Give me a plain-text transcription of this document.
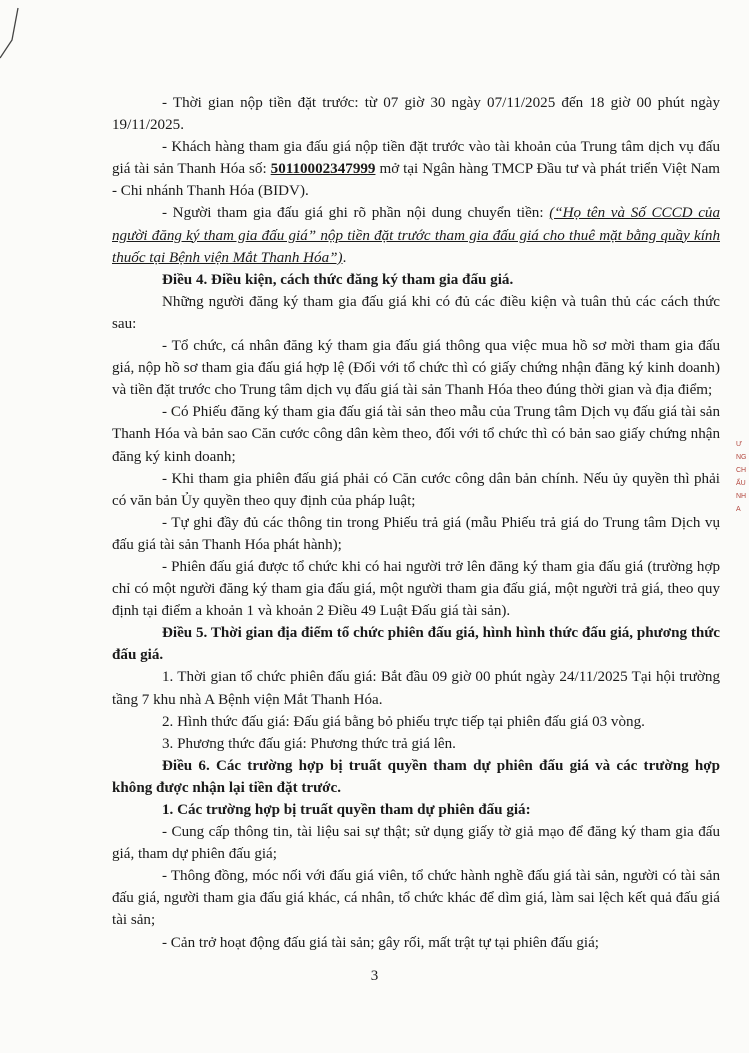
- Thời gian nộp tiền đặt trước: từ 07 giờ 30 ngày 07/11/2025 đến 18 giờ 00 phút ngày 19/11/2025.

- Khách hàng tham gia đấu giá nộp tiền đặt trước vào tài khoản của Trung tâm dịch vụ đấu giá tài sản Thanh Hóa số: 50110002347999 mở tại Ngân hàng TMCP Đầu tư và phát triển Việt Nam - Chi nhánh Thanh Hóa (BIDV).

- Người tham gia đấu giá ghi rõ phần nội dung chuyển tiền: (“Họ tên và Số CCCD của người đăng ký tham gia đấu giá” nộp tiền đặt trước tham gia đấu giá cho thuê mặt bằng quầy kính thuốc tại Bệnh viện Mắt Thanh Hóa”).

Điều 4. Điều kiện, cách thức đăng ký tham gia đấu giá.

Những người đăng ký tham gia đấu giá khi có đủ các điều kiện và tuân thủ các cách thức sau:

- Tổ chức, cá nhân đăng ký tham gia đấu giá thông qua việc mua hồ sơ mời tham gia đấu giá, nộp hồ sơ tham gia đấu giá hợp lệ (Đối với tổ chức thì có giấy chứng nhận đăng ký kinh doanh) và tiền đặt trước cho Trung tâm dịch vụ đấu giá tài sản Thanh Hóa theo đúng thời gian và địa điểm;

- Có Phiếu đăng ký tham gia đấu giá tài sản theo mẫu của Trung tâm Dịch vụ đấu giá tài sản Thanh Hóa và bản sao Căn cước công dân kèm theo, đối với tổ chức thì có bản sao giấy chứng nhận đăng ký kinh doanh;

- Khi tham gia phiên đấu giá phải có Căn cước công dân bản chính. Nếu ủy quyền thì phải có văn bản Ủy quyền theo quy định của pháp luật;

- Tự ghi đầy đủ các thông tin trong Phiếu trả giá (mẫu Phiếu trả giá do Trung tâm Dịch vụ đấu giá tài sản Thanh Hóa phát hành);

- Phiên đấu giá được tổ chức khi có hai người trở lên đăng ký tham gia đấu giá (trường hợp chỉ có một người đăng ký tham gia đấu giá, một người tham gia đấu giá, một người trả giá, theo quy định tại điểm a khoản 1 và khoản 2 Điều 49 Luật Đấu giá tài sản).

Điều 5. Thời gian địa điểm tổ chức phiên đấu giá, hình hình thức đấu giá, phương thức đấu giá.

1. Thời gian tổ chức phiên đấu giá: Bắt đầu 09 giờ 00 phút ngày 24/11/2025 Tại hội trường tầng 7 khu nhà A Bệnh viện Mắt Thanh Hóa.

2. Hình thức đấu giá: Đấu giá bằng bỏ phiếu trực tiếp tại phiên đấu giá 03 vòng.

3. Phương thức đấu giá: Phương thức trả giá lên.

Điều 6. Các trường hợp bị truất quyền tham dự phiên đấu giá và các trường hợp không được nhận lại tiền đặt trước.

1. Các trường hợp bị truất quyền tham dự phiên đấu giá:

- Cung cấp thông tin, tài liệu sai sự thật; sử dụng giấy tờ giả mạo để đăng ký tham gia đấu giá, tham dự phiên đấu giá;

- Thông đồng, móc nối với đấu giá viên, tổ chức hành nghề đấu giá tài sản, người có tài sản đấu giá, người tham gia đấu giá khác, cá nhân, tổ chức khác để dìm giá, làm sai lệch kết quả đấu giá tài sản;

- Cản trở hoạt động đấu giá tài sản; gây rối, mất trật tự tại phiên đấu giá;

3
Ư
NG
CH
ẤU
NH
A
